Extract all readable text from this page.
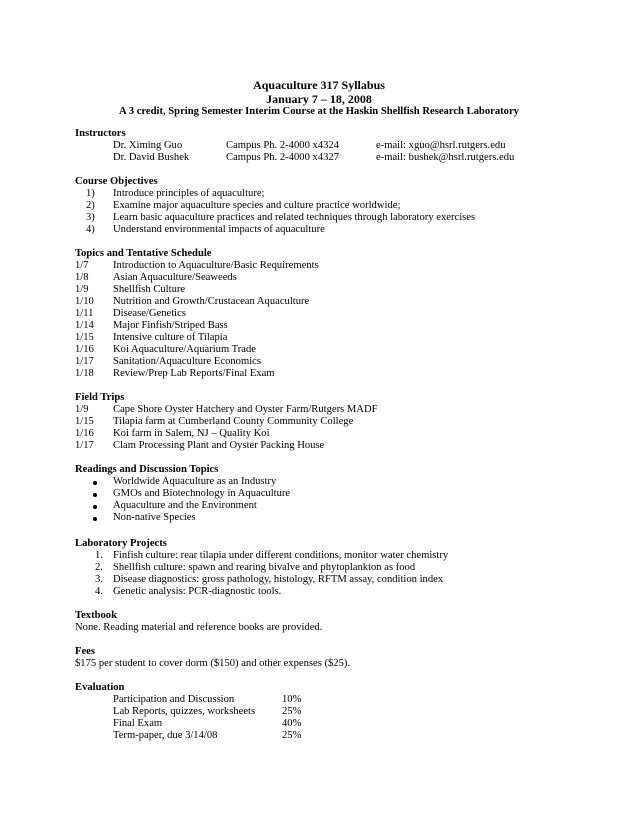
Aquaculture 317 Syllabus
January 7 – 18, 2008
A 3 credit, Spring Semester Interim Course at the Haskin Shellfish Research Laboratory
Instructors
Dr. Ximing Guo	Campus Ph. 2-4000 x4324	e-mail: xguo@hsrl.rutgers.edu
Dr. David Bushek	Campus Ph. 2-4000 x4327	e-mail: bushek@hsrl.rutgers.edu
Course Objectives
1) Introduce principles of aquaculture;
2) Examine major aquaculture species and culture practice worldwide;
3) Learn basic aquaculture practices and related techniques through laboratory exercises
4) Understand environmental impacts of aquaculture
Topics and Tentative Schedule
1/7 Introduction to Aquaculture/Basic Requirements
1/8 Asian Aquaculture/Seaweeds
1/9 Shellfish Culture
1/10 Nutrition and Growth/Crustacean Aquaculture
1/11 Disease/Genetics
1/14 Major Finfish/Striped Bass
1/15 Intensive culture of Tilapia
1/16 Koi Aquaculture/Aquarium Trade
1/17 Sanitation/Aquaculture Economics
1/18 Review/Prep Lab Reports/Final Exam
Field Trips
1/9 Cape Shore Oyster Hatchery and Oyster Farm/Rutgers MADF
1/15 Tilapia farm at Cumberland County Community College
1/16 Koi farm in Salem, NJ – Quality Koi
1/17 Clam Processing Plant and Oyster Packing House
Readings and Discussion Topics
Worldwide Aquaculture as an Industry
GMOs and Biotechnology in Aquaculture
Aquaculture and the Environment
Non-native Species
Laboratory Projects
1. Finfish culture: rear tilapia under different conditions, monitor water chemistry
2. Shellfish culture: spawn and rearing bivalve and phytoplankton as food
3. Disease diagnostics: gross pathology, histology, RFTM assay, condition index
4. Genetic analysis: PCR-diagnostic tools.
Textbook
None. Reading material and reference books are provided.
Fees
$175 per student to cover dorm ($150) and other expenses ($25).
Evaluation
Participation and Discussion	10%
Lab Reports, quizzes, worksheets	25%
Final Exam	40%
Term-paper, due 3/14/08	25%
